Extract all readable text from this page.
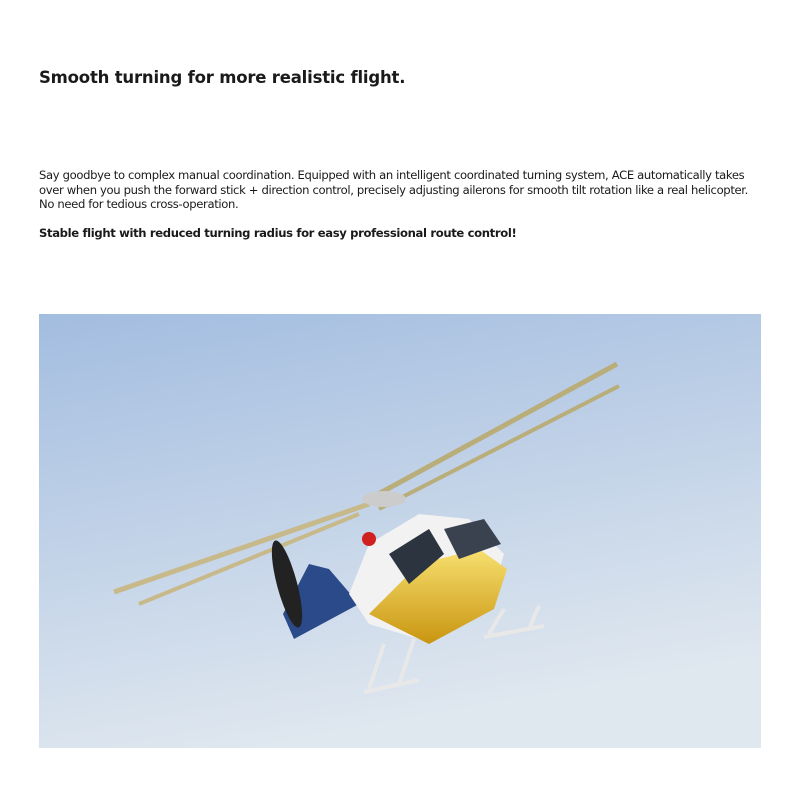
Smooth turning for more realistic flight.
Say goodbye to complex manual coordination. Equipped with an intelligent coordinated turning system, ACE automatically takes over when you push the forward stick + direction control, precisely adjusting ailerons for smooth tilt rotation like a real helicopter. No need for tedious cross-operation.
Stable flight with reduced turning radius for easy professional route control!
